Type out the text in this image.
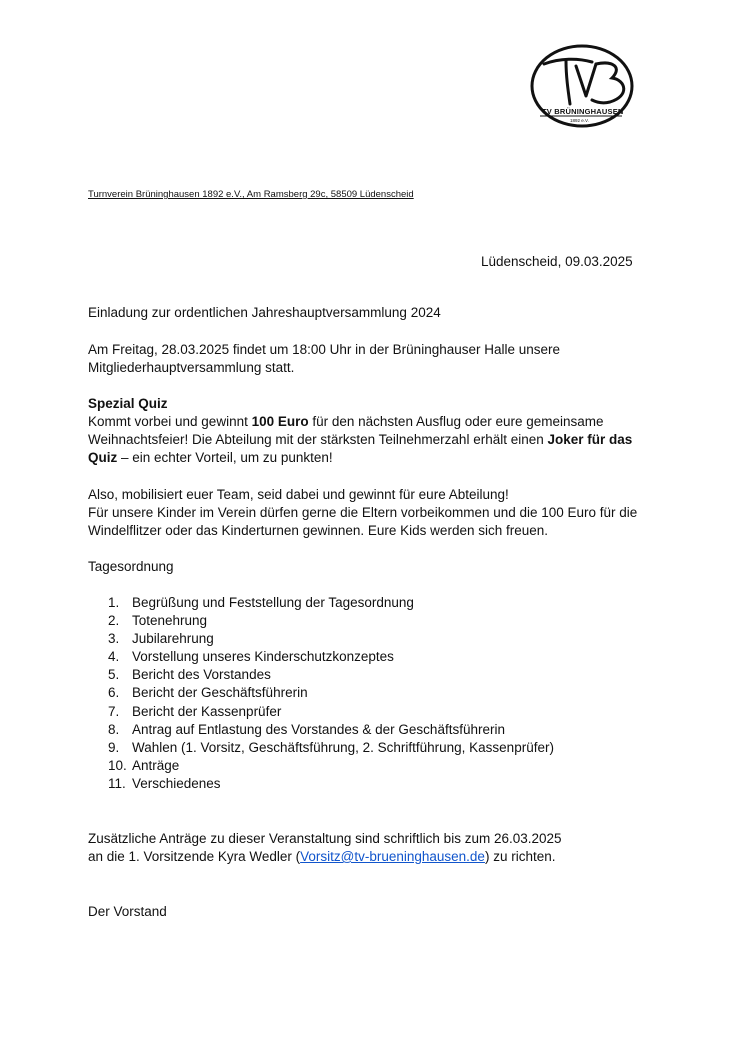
TV BRÜNINGHAUSEN
1892 e.V.
Turnverein Brüninghausen 1892 e.V., Am Ramsberg 29c, 58509 Lüdenscheid
Lüdenscheid, 09.03.2025

Einladung zur ordentlichen Jahreshauptversammlung 2024

Am Freitag, 28.03.2025 findet um 18:00 Uhr in der Brüninghauser Halle unsere

Mitgliederhauptversammlung statt.

Spezial Quiz

Kommt vorbei und gewinnt 100 Euro für den nächsten Ausflug oder eure gemeinsame

Weihnachtsfeier! Die Abteilung mit der stärksten Teilnehmerzahl erhält einen Joker für das

Quiz – ein echter Vorteil, um zu punkten!

Also, mobilisiert euer Team, seid dabei und gewinnt für eure Abteilung!

Für unsere Kinder im Verein dürfen gerne die Eltern vorbeikommen und die 100 Euro für die

Windelflitzer oder das Kinderturnen gewinnen. Eure Kids werden sich freuen.

Tagesordnung

1. Begrüßung und Feststellung der Tagesordnung
2. Totenehrung
3. Jubilarehrung
4. Vorstellung unseres Kinderschutzkonzeptes
5. Bericht des Vorstandes
6. Bericht der Geschäftsführerin
7. Bericht der Kassenprüfer
8. Antrag auf Entlastung des Vorstandes & der Geschäftsführerin
9. Wahlen (1. Vorsitz, Geschäftsführung, 2. Schriftführung, Kassenprüfer)
10. Anträge
11. Verschiedenes

Zusätzliche Anträge zu dieser Veranstaltung sind schriftlich bis zum 26.03.2025

an die 1. Vorsitzende Kyra Wedler (Vorsitz@tv-brueninghausen.de) zu richten.

Der Vorstand
